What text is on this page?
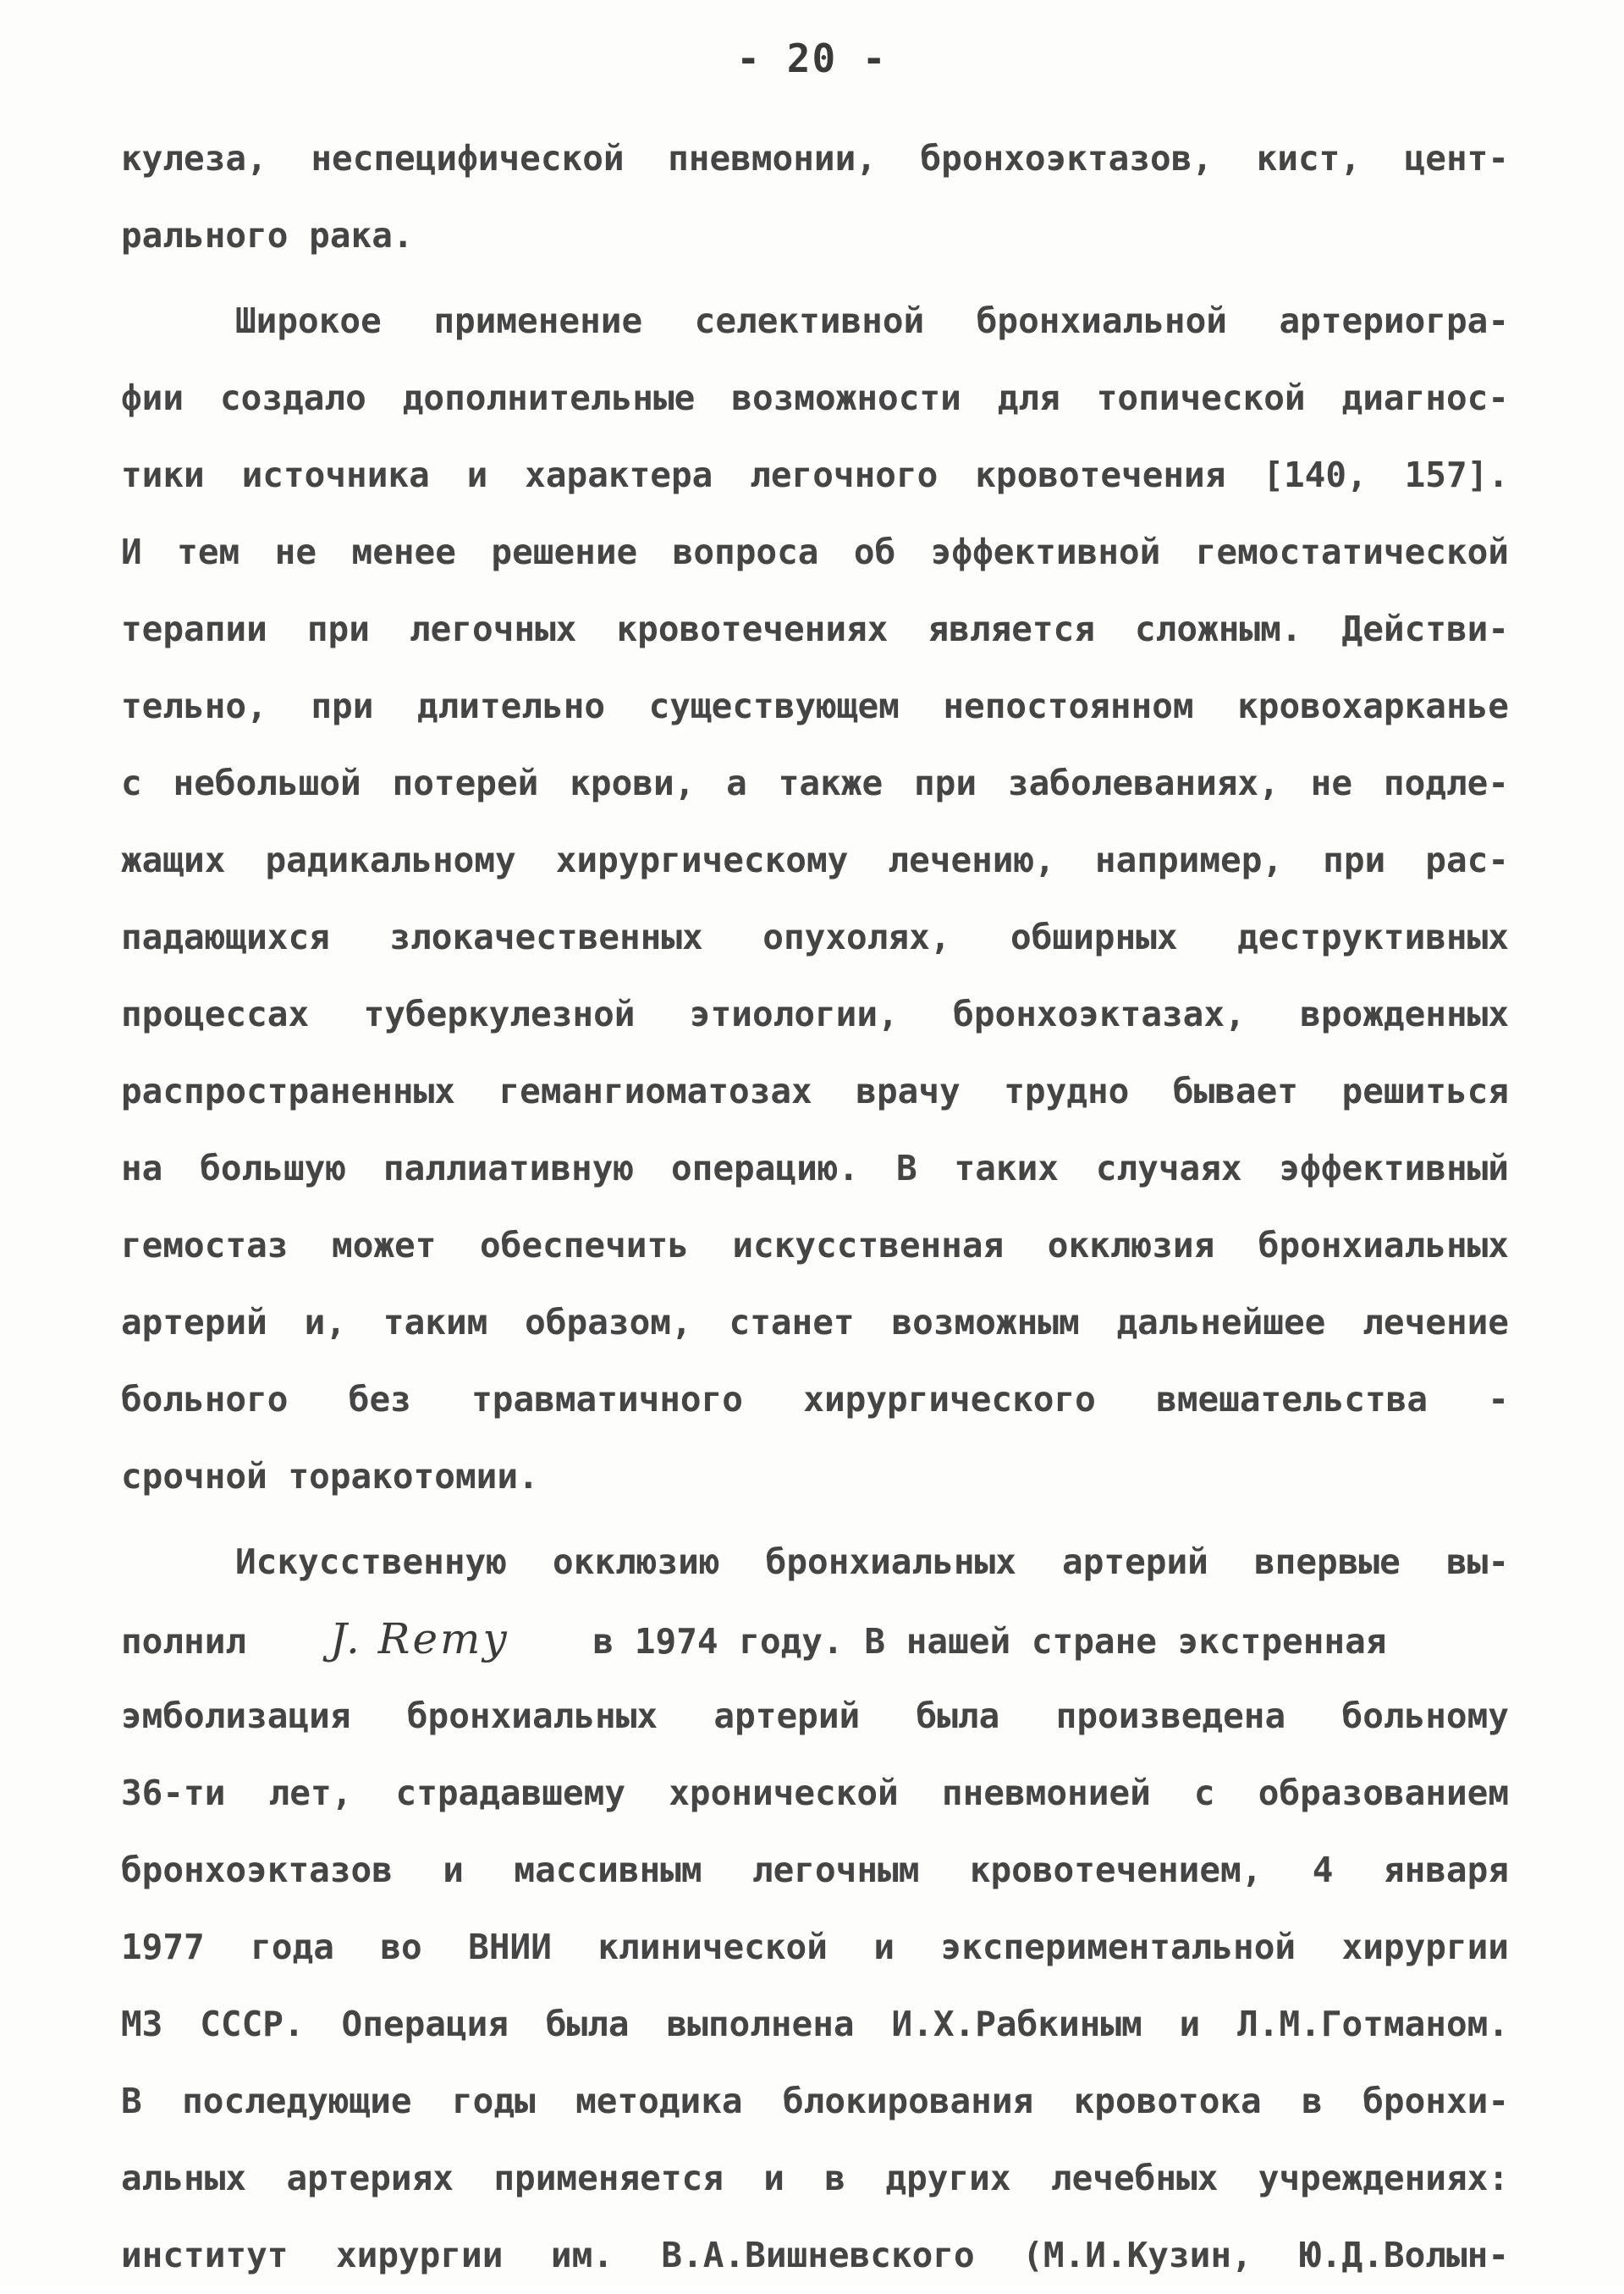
- 20 -
кулеза, неспецифической пневмонии, бронхоэктазов, кист, цент-
рального рака.
Широкое применение селективной бронхиальной артериогра-
фии создало дополнительные возможности для топической диагнос-
тики источника и характера легочного кровотечения [140, 157].
И тем не менее решение вопроса об эффективной гемостатической
терапии при легочных кровотечениях является сложным. Действи-
тельно, при длительно существующем непостоянном кровохарканье
с небольшой потерей крови, а также при заболеваниях, не подле-
жащих радикальному хирургическому лечению, например, при рас-
падающихся злокачественных опухолях, обширных деструктивных
процессах туберкулезной этиологии, бронхоэктазах, врожденных
распространенных гемангиоматозах врачу трудно бывает решиться
на большую паллиативную операцию. В таких случаях эффективный
гемостаз может обеспечить искусственная окклюзия бронхиальных
артерий и, таким образом, станет возможным дальнейшее лечение
больного без травматичного хирургического вмешательства -
срочной торакотомии.
Искусственную окклюзию бронхиальных артерий впервые вы-
полнил J. Remy в 1974 году. В нашей стране экстренная
эмболизация бронхиальных артерий была произведена больному
36-ти лет, страдавшему хронической пневмонией с образованием
бронхоэктазов и массивным легочным кровотечением, 4 января
1977 года во ВНИИ клинической и экспериментальной хирургии
МЗ СССР. Операция была выполнена И.Х.Рабкиным и Л.М.Готманом.
В последующие годы методика блокирования кровотока в бронхи-
альных артериях применяется и в других лечебных учреждениях:
институт хирургии им. В.А.Вишневского (М.И.Кузин, Ю.Д.Волын-
